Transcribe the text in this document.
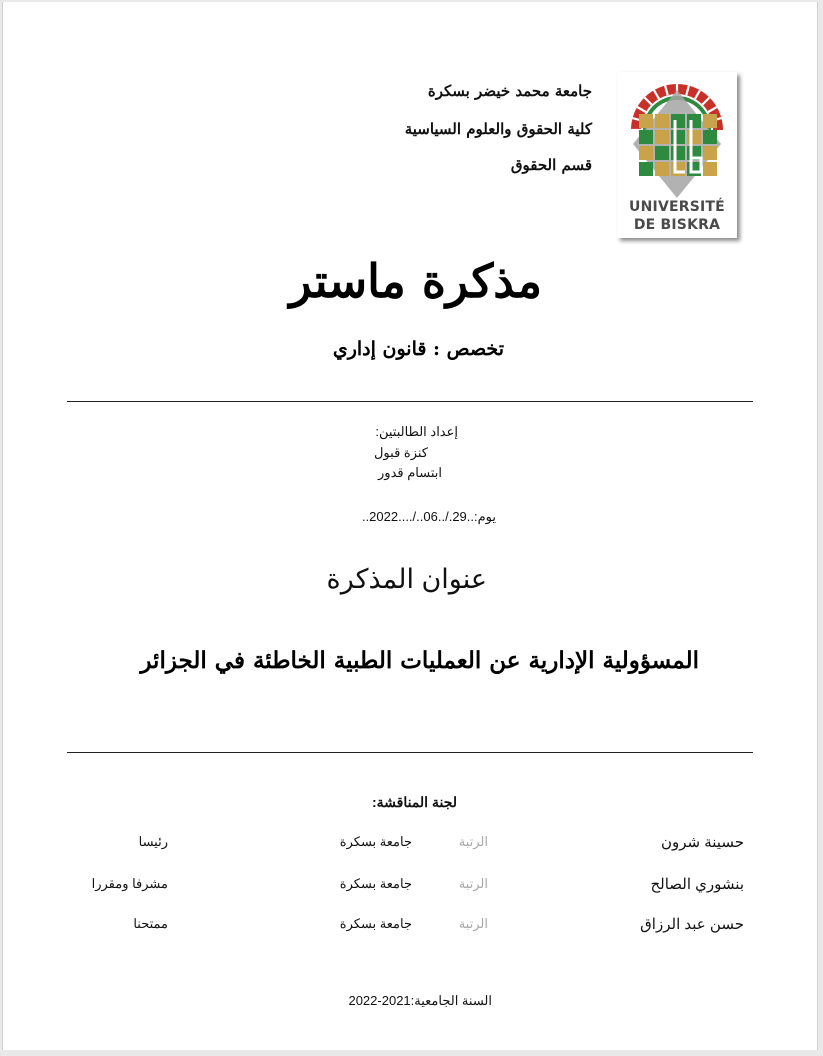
جامعة محمد خيضر بسكرة
كلية الحقوق والعلوم السياسية
قسم الحقوق
UNIVERSITÉ
DE BISKRA
مذكرة ماستر
تخصص : قانون إداري
إعداد الطالبتين:
كنزة قبول
ابتسام قدور
يوم:..29./..06../....2022..
عنوان المذكرة
المسؤولية الإدارية عن العمليات الطبية الخاطئة في الجزائر
لجنة المناقشة:
حسينة شرون
الرتبة
جامعة بسكرة
رئيسا
بنشوري الصالح
الرتبة
جامعة بسكرة
مشرفا ومقررا
حسن عبد الرزاق
الرتبة
جامعة بسكرة
ممتحنا
السنة الجامعية:2021-2022
